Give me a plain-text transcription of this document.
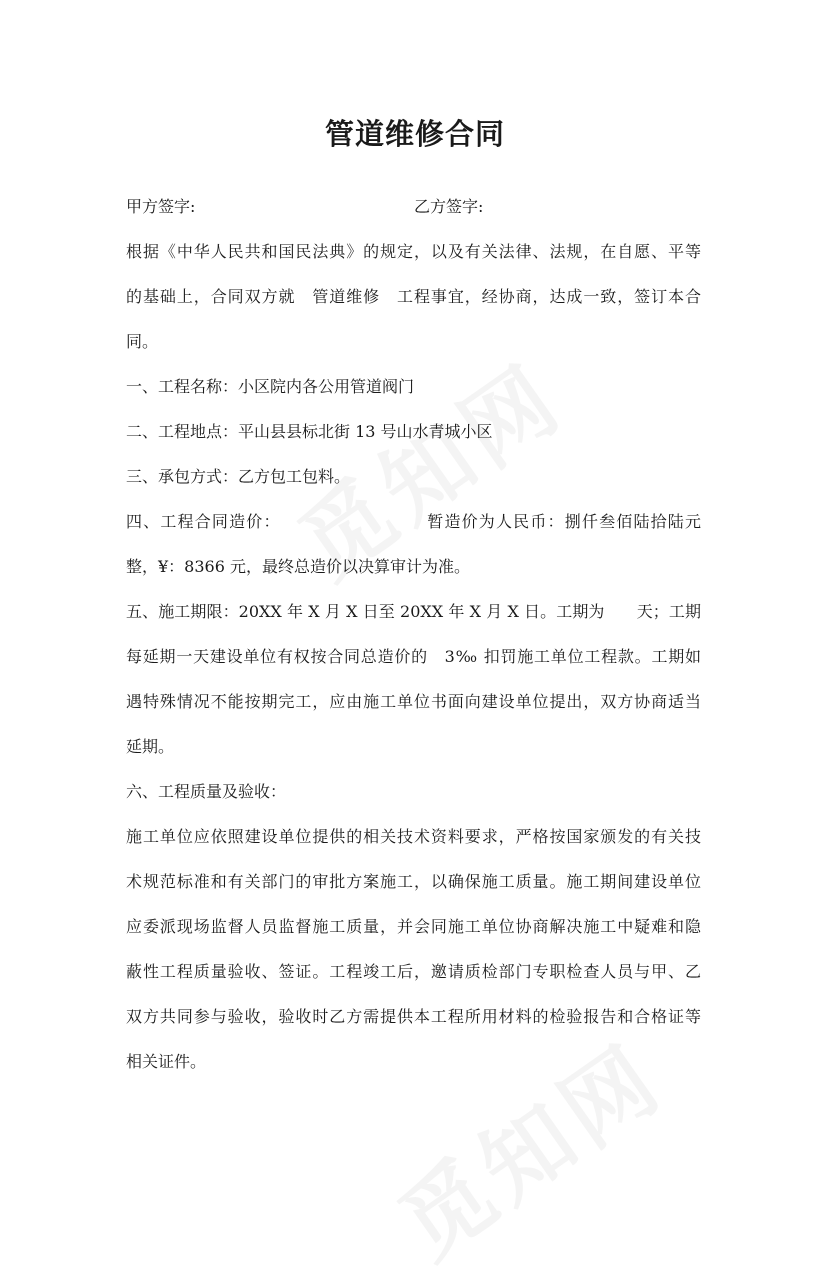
管道维修合同
甲方签字:	乙方签字:
根据《中华人民共和国民法典》的规定，以及有关法律、法规，在自愿、平等
的基础上，合同双方就　管道维修　工程事宜，经协商，达成一致，签订本合
同。
一、工程名称：小区院内各公用管道阀门
二、工程地点：平山县县标北街 13 号山水青城小区
三、承包方式：乙方包工包料。
四、工程合同造价：　　　　　　　　　暂造价为人民币：捌仟叁佰陆拾陆元
整，¥：8366 元，最终总造价以决算审计为准。
五、施工期限：20XX 年 X 月 X 日至 20XX 年 X 月 X 日。工期为　　天；工期
每延期一天建设单位有权按合同总造价的　3‰ 扣罚施工单位工程款。工期如
遇特殊情况不能按期完工，应由施工单位书面向建设单位提出，双方协商适当
延期。
六、工程质量及验收：
施工单位应依照建设单位提供的相关技术资料要求，严格按国家颁发的有关技
术规范标准和有关部门的审批方案施工，以确保施工质量。施工期间建设单位
应委派现场监督人员监督施工质量，并会同施工单位协商解决施工中疑难和隐
蔽性工程质量验收、签证。工程竣工后，邀请质检部门专职检查人员与甲、乙
双方共同参与验收，验收时乙方需提供本工程所用材料的检验报告和合格证等
相关证件。
